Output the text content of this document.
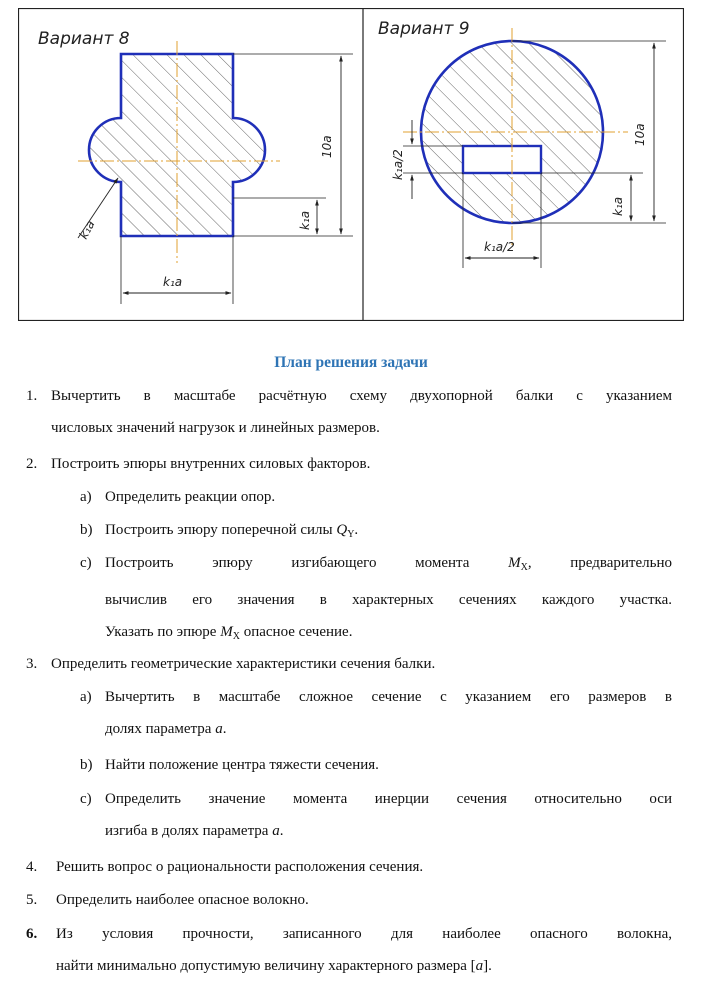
Вариант 8
10a
k₁a
k₁a
k₁a
Вариант 9
10a
k₁a
k₁a/2
k₁a/2
План решения задачи
1. Вычертить в масштабе расчётную схему двухопорной балки с указанием
числовых значений нагрузок и линейных размеров.
2. Построить эпюры внутренних силовых факторов.
a) Определить реакции опор.
b) Построить эпюру поперечной силы $Q_Y$.
c) Построить эпюру изгибающего момента $M_X$, предварительно
вычислив его значения в характерных сечениях каждого участка.
Указать по эпюре $M_X$ опасное сечение.
3. Определить геометрические характеристики сечения балки.
a) Вычертить в масштабе сложное сечение с указанием его размеров в
долях параметра a.
b) Найти положение центра тяжести сечения.
c) Определить значение момента инерции сечения относительно оси
изгиба в долях параметра a.
4. Решить вопрос о рациональности расположения сечения.
5. Определить наиболее опасное волокно.
6. Из условия прочности, записанного для наиболее опасного волокна,
найти минимально допустимую величину характерного размера [a].
